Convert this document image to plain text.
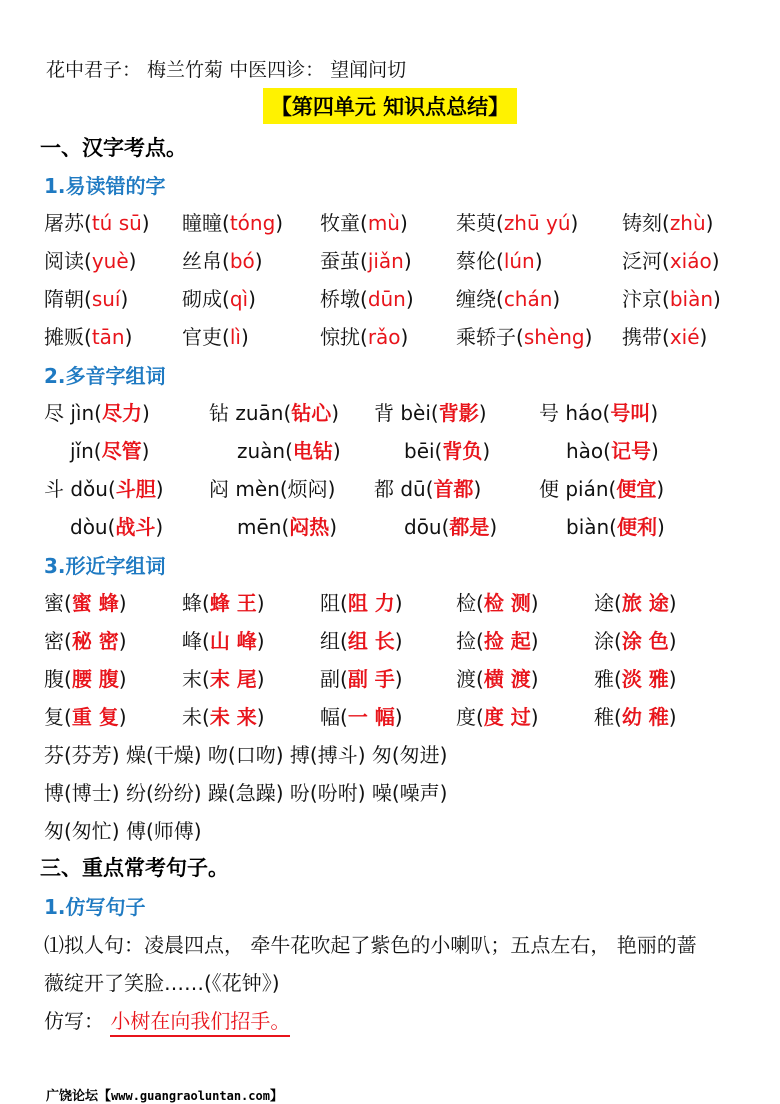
花中君子： 梅兰竹菊 中医四诊： 望闻问切
【第四单元 知识点总结】
一、汉字考点。
1.易读错的字
屠苏(tú sū) 瞳瞳(tóng) 牧童(mù) 茱萸(zhū yú) 铸刻(zhù)
阅读(yuè) 丝帛(bó)	蚕茧(jiǎn) 蔡伦(lún)	泛河(xiáo)
隋朝(suí)	砌成(qì)	桥墩(dūn) 缠绕(chán)	汴京(biàn)
摊贩(tān) 官吏(lì)	惊扰(rǎo) 乘轿子(shèng) 携带(xié)
2.多音字组词
尽 jìn(尽力)	钻 zuān(钻心) 背 bèi(背影)	号 háo(号叫)
jǐn(尽管)	zuàn(电钻)	bēi(背负)	hào(记号)
斗 dǒu(斗胆) 闷 mèn(烦闷) 都 dū(首都)	便 pián(便宜)
dòu(战斗)	mēn(闷热)	dōu(都是)	biàn(便利)
3.形近字组词
蜜(蜜 蜂)	蜂(蜂 王)	阻(阻 力)	检(检 测)	途(旅 途)
密(秘 密)	峰(山 峰)	组(组 长)	捡(捡 起)	涂(涂 色)
腹(腰 腹)	末(末 尾)	副(副 手)	渡(横 渡)	雅(淡 雅)
复(重 复)	未(未 来)	幅(一 幅)	度(度 过)	稚(幼 稚)
芬(芬芳) 燥(干燥) 吻(口吻) 搏(搏斗) 匆(匆进)
博(博士) 纷(纷纷) 躁(急躁) 吩(吩咐) 噪(噪声)
匆(匆忙) 傅(师傅)
三、重点常考句子。
1.仿写句子
⑴拟人句：凌晨四点， 牵牛花吹起了紫色的小喇叭；五点左右， 艳丽的蔷
薇绽开了笑脸……(《花钟》)
仿写： 小树在向我们招手。
广饶论坛【www.guangraoluntan.com】
